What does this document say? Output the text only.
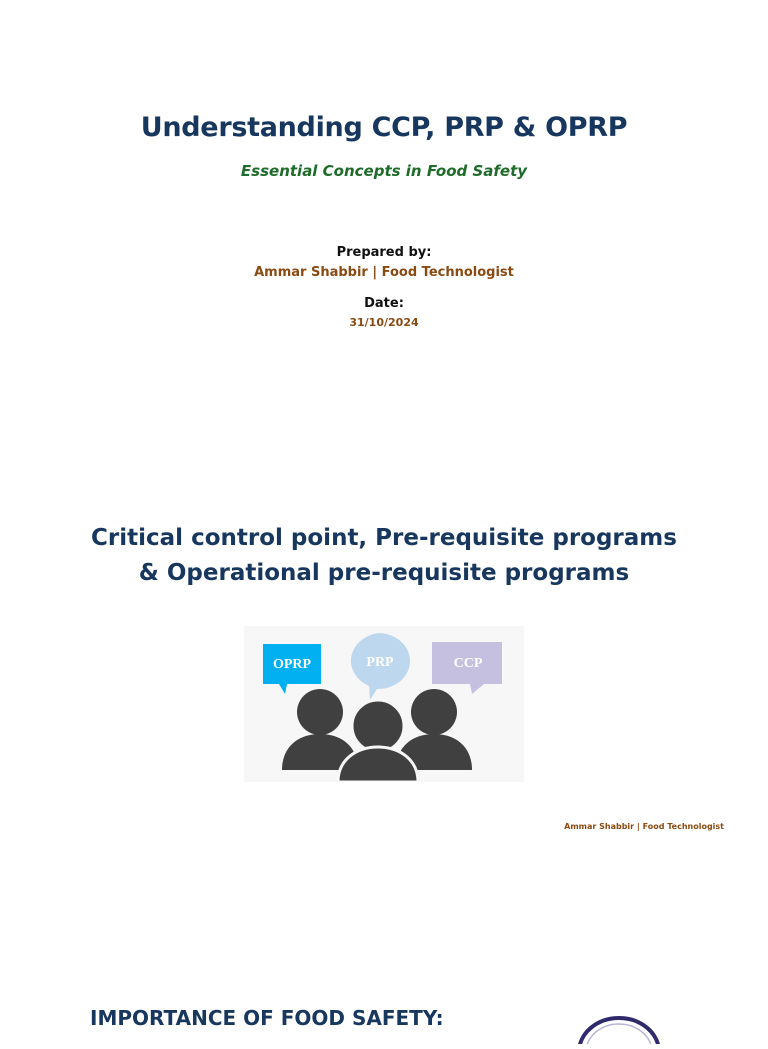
Understanding CCP, PRP & OPRP
Essential Concepts in Food Safety
Prepared by:
Ammar Shabbir | Food Technologist
Date:
31/10/2024
Critical control point, Pre-requisite programs
& Operational pre-requisite programs
OPRP	PRP	CCP
Ammar Shabbir | Food Technologist
IMPORTANCE OF FOOD SAFETY:
